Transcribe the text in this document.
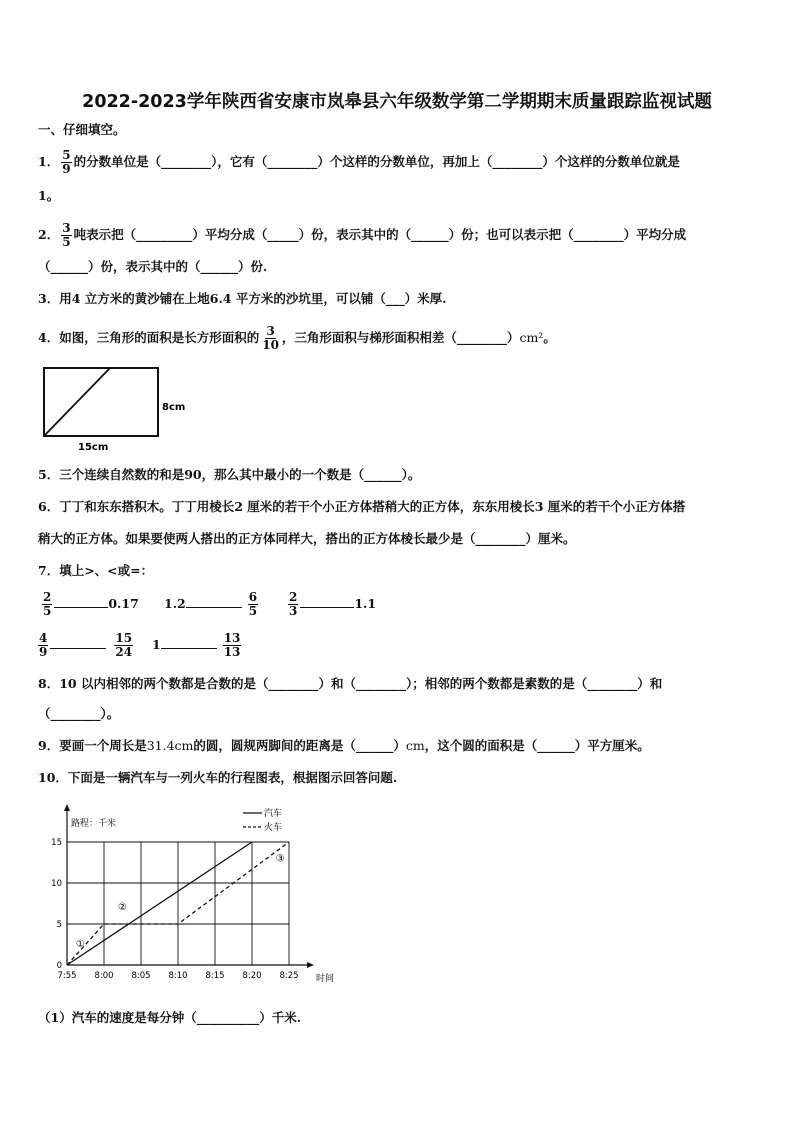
2022-2023学年陕西省安康市岚皋县六年级数学第二学期期末质量跟踪监视试题
一、仔细填空。
1． $\frac{5}{9}$ 的分数单位是（________），它有（________）个这样的分数单位，再加上（________）个这样的分数单位就是
1。
2． $\frac{3}{5}$ 吨表示把（_________）平均分成（_____）份，表示其中的（______）份；也可以表示把（________）平均分成
（______）份，表示其中的（______）份.
3．用4 立方米的黄沙铺在上地6.4 平方米的沙坑里，可以铺（___）米厚.
4．如图，三角形的面积是长方形面积的 $\frac{3}{10}$ ，三角形面积与梯形面积相差（________）cm²。
8cm
15cm
5．三个连续自然数的和是90，那么其中最小的一个数是（______）。
6．丁丁和东东搭积木。丁丁用棱长2 厘米的若干个小正方体搭稍大的正方体，东东用棱长3 厘米的若干个小正方体搭
稍大的正方体。如果要使两人搭出的正方体同样大，搭出的正方体棱长最少是（________）厘米。
7．填上>、<或=：
$\frac{2}{5}$	0.17 1.2	$\frac{6}{5} \frac{2}{3}$	1.1
$\frac{4}{9}$	$\frac{15}{24} 1$	$\frac{13}{13}$
8．10 以内相邻的两个数都是合数的是（________）和（________）；相邻的两个数都是素数的是（________）和
（________）。
9．要画一个周长是31.4cm的圆，圆规两脚间的距离是（______）cm，这个圆的面积是（______）平方厘米。
10．下面是一辆汽车与一列火车的行程图表，根据图示回答问题.
路程：千米
时间
7:55 8:00 8:05 8:10 8:15 8:20 8:25
0
5
10
15
汽车
火车
①
②
③
（1）汽车的速度是每分钟（__________）千米.
